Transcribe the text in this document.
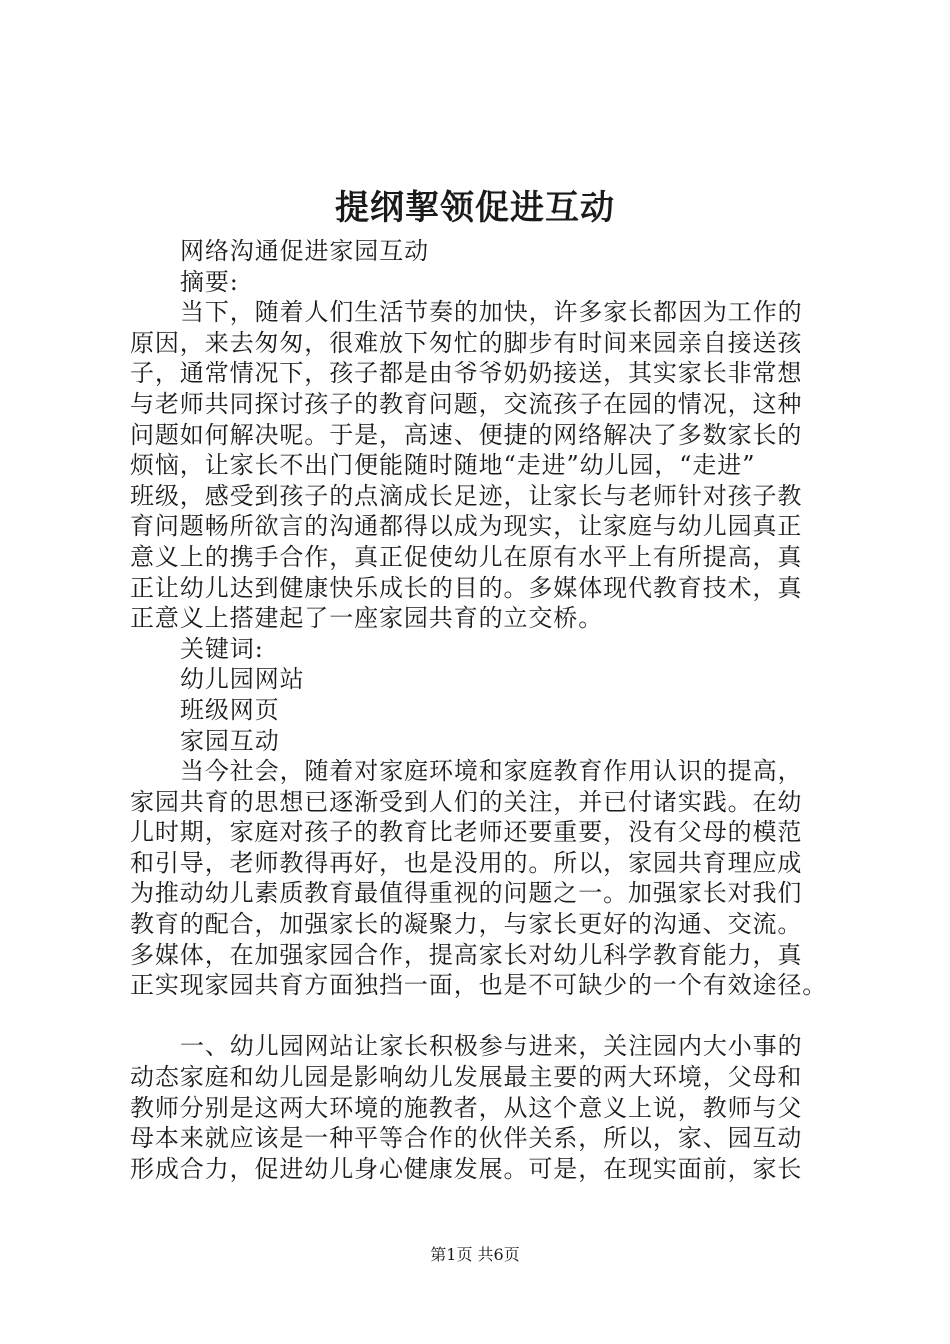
提纲挈领促进互动
网络沟通促进家园互动
摘要:
当下，随着人们生活节奏的加快，许多家长都因为工作的
原因，来去匆匆，很难放下匆忙的脚步有时间来园亲自接送孩
子，通常情况下，孩子都是由爷爷奶奶接送，其实家长非常想
与老师共同探讨孩子的教育问题，交流孩子在园的情况，这种
问题如何解决呢。于是，高速、便捷的网络解决了多数家长的
烦恼，让家长不出门便能随时随地“走进”幼儿园，“走进”
班级，感受到孩子的点滴成长足迹，让家长与老师针对孩子教
育问题畅所欲言的沟通都得以成为现实，让家庭与幼儿园真正
意义上的携手合作，真正促使幼儿在原有水平上有所提高，真
正让幼儿达到健康快乐成长的目的。多媒体现代教育技术，真
正意义上搭建起了一座家园共育的立交桥。
关键词:
幼儿园网站
班级网页
家园互动
当今社会，随着对家庭环境和家庭教育作用认识的提高，
家园共育的思想已逐渐受到人们的关注，并已付诸实践。在幼
儿时期，家庭对孩子的教育比老师还要重要，没有父母的模范
和引导，老师教得再好，也是没用的。所以，家园共育理应成
为推动幼儿素质教育最值得重视的问题之一。加强家长对我们
教育的配合，加强家长的凝聚力，与家长更好的沟通、交流。
多媒体，在加强家园合作，提高家长对幼儿科学教育能力，真
正实现家园共育方面独挡一面，也是不可缺少的一个有效途径。
一、幼儿园网站让家长积极参与进来，关注园内大小事的
动态家庭和幼儿园是影响幼儿发展最主要的两大环境，父母和
教师分别是这两大环境的施教者，从这个意义上说，教师与父
母本来就应该是一种平等合作的伙伴关系，所以，家、园互动
形成合力，促进幼儿身心健康发展。可是，在现实面前，家长
第1页 共6页
